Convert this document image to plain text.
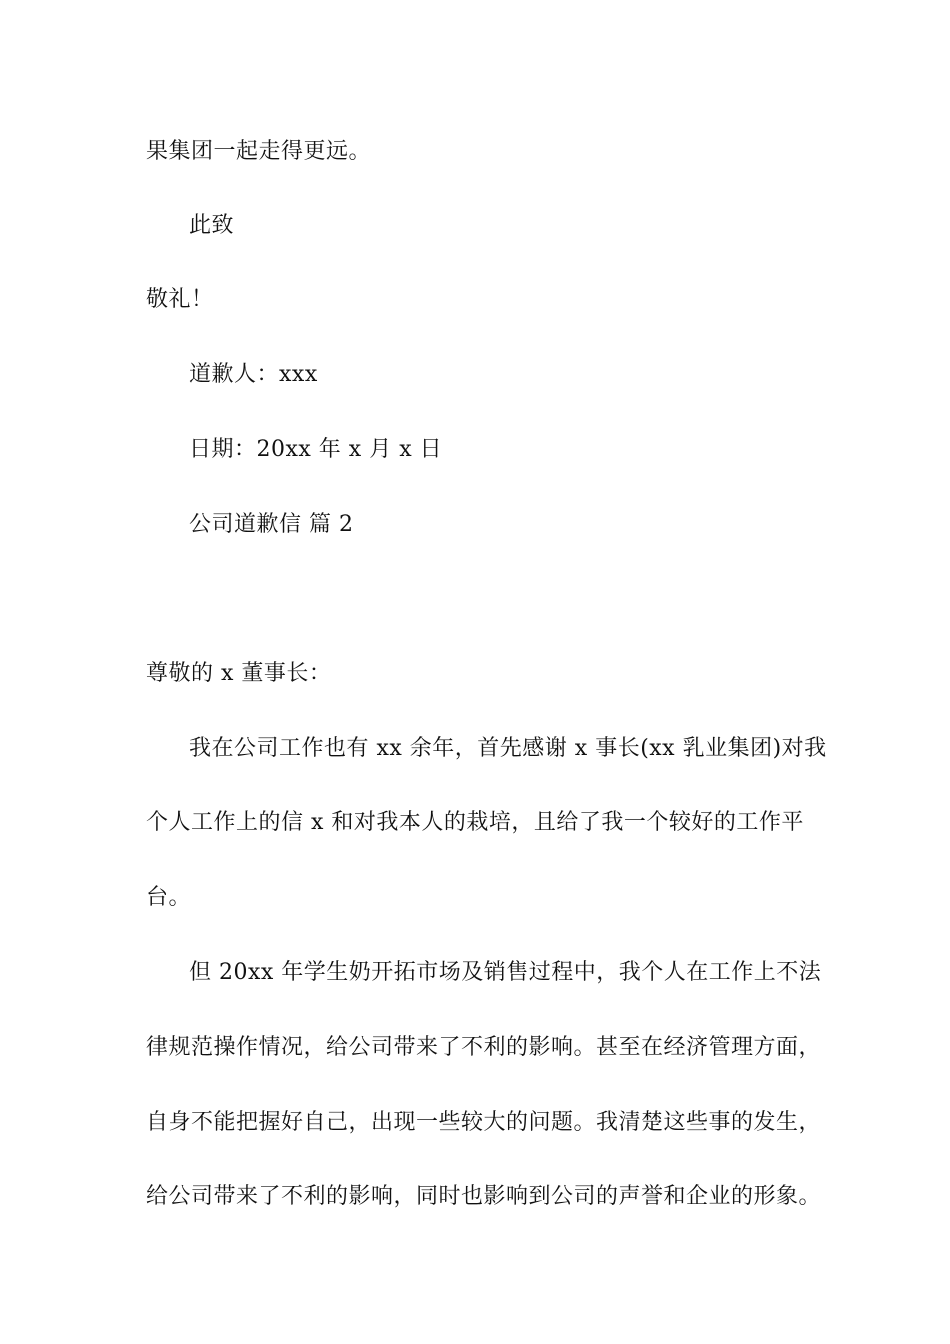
果集团一起走得更远。
此致
敬礼！
道歉人：xxx
日期：20xx 年 x 月 x 日
公司道歉信 篇 2
尊敬的 x 董事长：
我在公司工作也有 xx 余年，首先感谢 x 事长(xx 乳业集团)对我
个人工作上的信 x 和对我本人的栽培，且给了我一个较好的工作平
台。
但 20xx 年学生奶开拓市场及销售过程中，我个人在工作上不法
律规范操作情况，给公司带来了不利的影响。甚至在经济管理方面，
自身不能把握好自己，出现一些较大的问题。我清楚这些事的发生，
给公司带来了不利的影响，同时也影响到公司的声誉和企业的形象。
